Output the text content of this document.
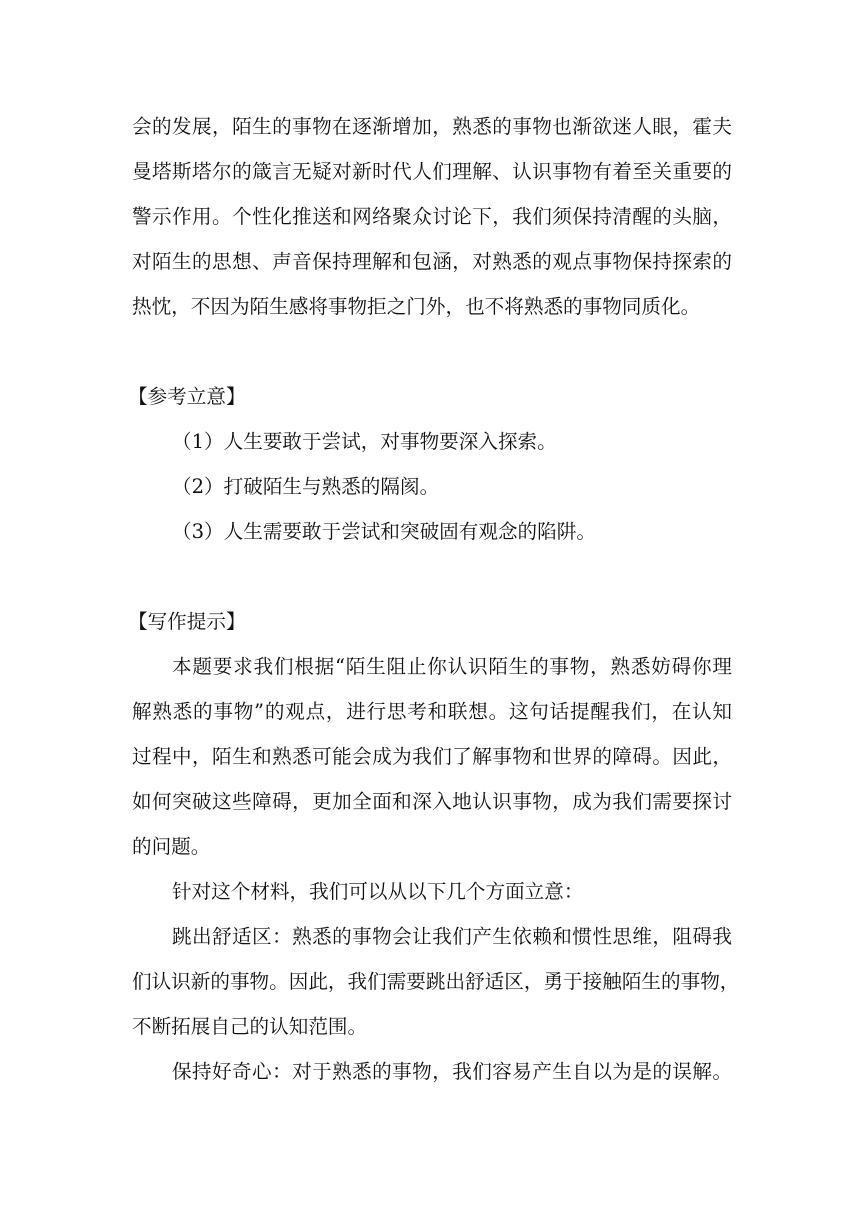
会的发展，陌生的事物在逐渐增加，熟悉的事物也渐欲迷人眼，霍夫
曼塔斯塔尔的箴言无疑对新时代人们理解、认识事物有着至关重要的
警示作用。个性化推送和网络聚众讨论下，我们须保持清醒的头脑，
对陌生的思想、声音保持理解和包涵，对熟悉的观点事物保持探索的
热忱，不因为陌生感将事物拒之门外，也不将熟悉的事物同质化。
【参考立意】
（1）人生要敢于尝试，对事物要深入探索。
（2）打破陌生与熟悉的隔阂。
（3）人生需要敢于尝试和突破固有观念的陷阱。
【写作提示】
本题要求我们根据“陌生阻止你认识陌生的事物，熟悉妨碍你理
解熟悉的事物”的观点，进行思考和联想。这句话提醒我们，在认知
过程中，陌生和熟悉可能会成为我们了解事物和世界的障碍。因此，
如何突破这些障碍，更加全面和深入地认识事物，成为我们需要探讨
的问题。
针对这个材料，我们可以从以下几个方面立意：
跳出舒适区：熟悉的事物会让我们产生依赖和惯性思维，阻碍我
们认识新的事物。因此，我们需要跳出舒适区，勇于接触陌生的事物，
不断拓展自己的认知范围。
保持好奇心：对于熟悉的事物，我们容易产生自以为是的误解。
